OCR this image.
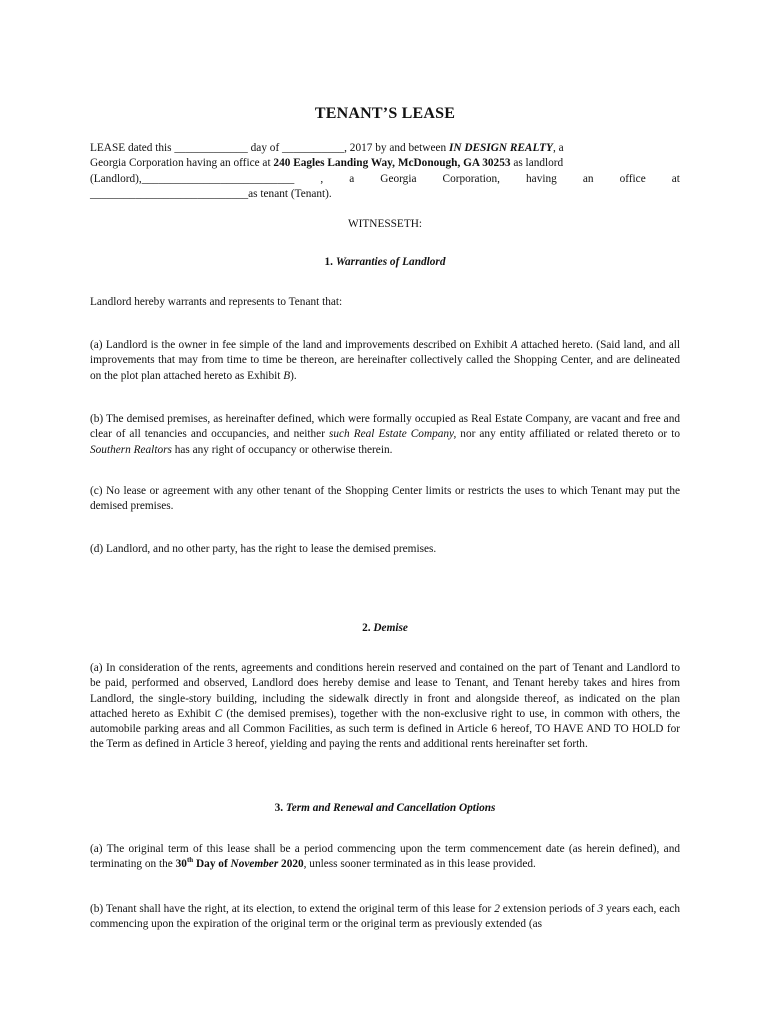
TENANT’S LEASE
LEASE dated this _____________ day of ___________, 2017 by and between IN DESIGN REALTY, a
Georgia Corporation having an office at 240 Eagles Landing Way, McDonough, GA 30253 as landlord
(Landlord),___________________________ , a Georgia Corporation, having an office at
____________________________as tenant (Tenant).
WITNESSETH:
1. Warranties of Landlord
Landlord hereby warrants and represents to Tenant that:
(a) Landlord is the owner in fee simple of the land and improvements described on Exhibit A attached hereto. (Said land, and all improvements that may from time to time be thereon, are hereinafter collectively called the Shopping Center, and are delineated on the plot plan attached hereto as Exhibit B).
(b) The demised premises, as hereinafter defined, which were formally occupied as Real Estate Company, are vacant and free and clear of all tenancies and occupancies, and neither such Real Estate Company, nor any entity affiliated or related thereto or to Southern Realtors has any right of occupancy or otherwise therein.
(c) No lease or agreement with any other tenant of the Shopping Center limits or restricts the uses to which Tenant may put the demised premises.
(d) Landlord, and no other party, has the right to lease the demised premises.
2. Demise
(a) In consideration of the rents, agreements and conditions herein reserved and contained on the part of Tenant and Landlord to be paid, performed and observed, Landlord does hereby demise and lease to Tenant, and Tenant hereby takes and hires from Landlord, the single-story building, including the sidewalk directly in front and alongside thereof, as indicated on the plan attached hereto as Exhibit C (the demised premises), together with the non-exclusive right to use, in common with others, the automobile parking areas and all Common Facilities, as such term is defined in Article 6 hereof, TO HAVE AND TO HOLD for the Term as defined in Article 3 hereof, yielding and paying the rents and additional rents hereinafter set forth.
3. Term and Renewal and Cancellation Options
(a) The original term of this lease shall be a period commencing upon the term commencement date (as herein defined), and terminating on the 30th Day of November 2020, unless sooner terminated as in this lease provided.
(b) Tenant shall have the right, at its election, to extend the original term of this lease for 2 extension periods of 3 years each, each commencing upon the expiration of the original term or the original term as previously extended (as
